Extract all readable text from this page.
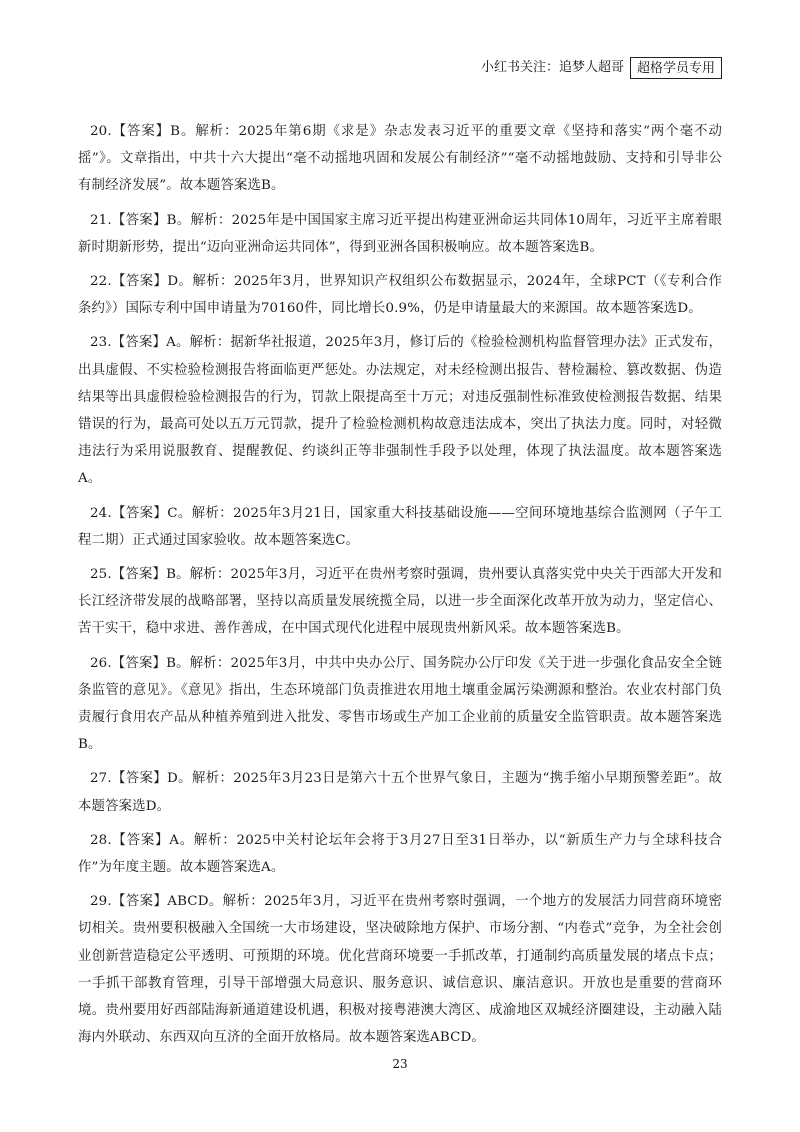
小红书关注：追梦人超哥	超格学员专用

20.【答案】B。解析：2025年第6期《求是》杂志发表习近平的重要文章《坚持和落实“两个毫不动摇”》。文章指出，中共十六大提出“毫不动摇地巩固和发展公有制经济”“毫不动摇地鼓励、支持和引导非公有制经济发展”。故本题答案选B。

21.【答案】B。解析：2025年是中国国家主席习近平提出构建亚洲命运共同体10周年，习近平主席着眼新时期新形势，提出“迈向亚洲命运共同体”，得到亚洲各国积极响应。故本题答案选B。

22.【答案】D。解析：2025年3月，世界知识产权组织公布数据显示，2024年，全球PCT（《专利合作条约》）国际专利中国申请量为70160件，同比增长0.9%，仍是申请量最大的来源国。故本题答案选D。

23.【答案】A。解析：据新华社报道，2025年3月，修订后的《检验检测机构监督管理办法》正式发布，出具虚假、不实检验检测报告将面临更严惩处。办法规定，对未经检测出报告、替检漏检、篡改数据、伪造结果等出具虚假检验检测报告的行为，罚款上限提高至十万元；对违反强制性标准致使检测报告数据、结果错误的行为，最高可处以五万元罚款，提升了检验检测机构故意违法成本，突出了执法力度。同时，对轻微违法行为采用说服教育、提醒教促、约谈纠正等非强制性手段予以处理，体现了执法温度。故本题答案选A。

24.【答案】C。解析：2025年3月21日，国家重大科技基础设施——空间环境地基综合监测网（子午工程二期）正式通过国家验收。故本题答案选C。

25.【答案】B。解析：2025年3月，习近平在贵州考察时强调，贵州要认真落实党中央关于西部大开发和长江经济带发展的战略部署，坚持以高质量发展统揽全局，以进一步全面深化改革开放为动力，坚定信心、苦干实干，稳中求进、善作善成，在中国式现代化进程中展现贵州新风采。故本题答案选B。

26.【答案】B。解析：2025年3月，中共中央办公厅、国务院办公厅印发《关于进一步强化食品安全全链条监管的意见》。《意见》指出，生态环境部门负责推进农用地土壤重金属污染溯源和整治。农业农村部门负责履行食用农产品从种植养殖到进入批发、零售市场或生产加工企业前的质量安全监管职责。故本题答案选B。

27.【答案】D。解析：2025年3月23日是第六十五个世界气象日，主题为“携手缩小早期预警差距”。故本题答案选D。

28.【答案】A。解析：2025中关村论坛年会将于3月27日至31日举办，以“新质生产力与全球科技合作”为年度主题。故本题答案选A。

29.【答案】ABCD。解析：2025年3月，习近平在贵州考察时强调，一个地方的发展活力同营商环境密切相关。贵州要积极融入全国统一大市场建设，坚决破除地方保护、市场分割、“内卷式”竞争，为全社会创业创新营造稳定公平透明、可预期的环境。优化营商环境要一手抓改革，打通制约高质量发展的堵点卡点；一手抓干部教育管理，引导干部增强大局意识、服务意识、诚信意识、廉洁意识。开放也是重要的营商环境。贵州要用好西部陆海新通道建设机遇，积极对接粤港澳大湾区、成渝地区双城经济圈建设，主动融入陆海内外联动、东西双向互济的全面开放格局。故本题答案选ABCD。

23
